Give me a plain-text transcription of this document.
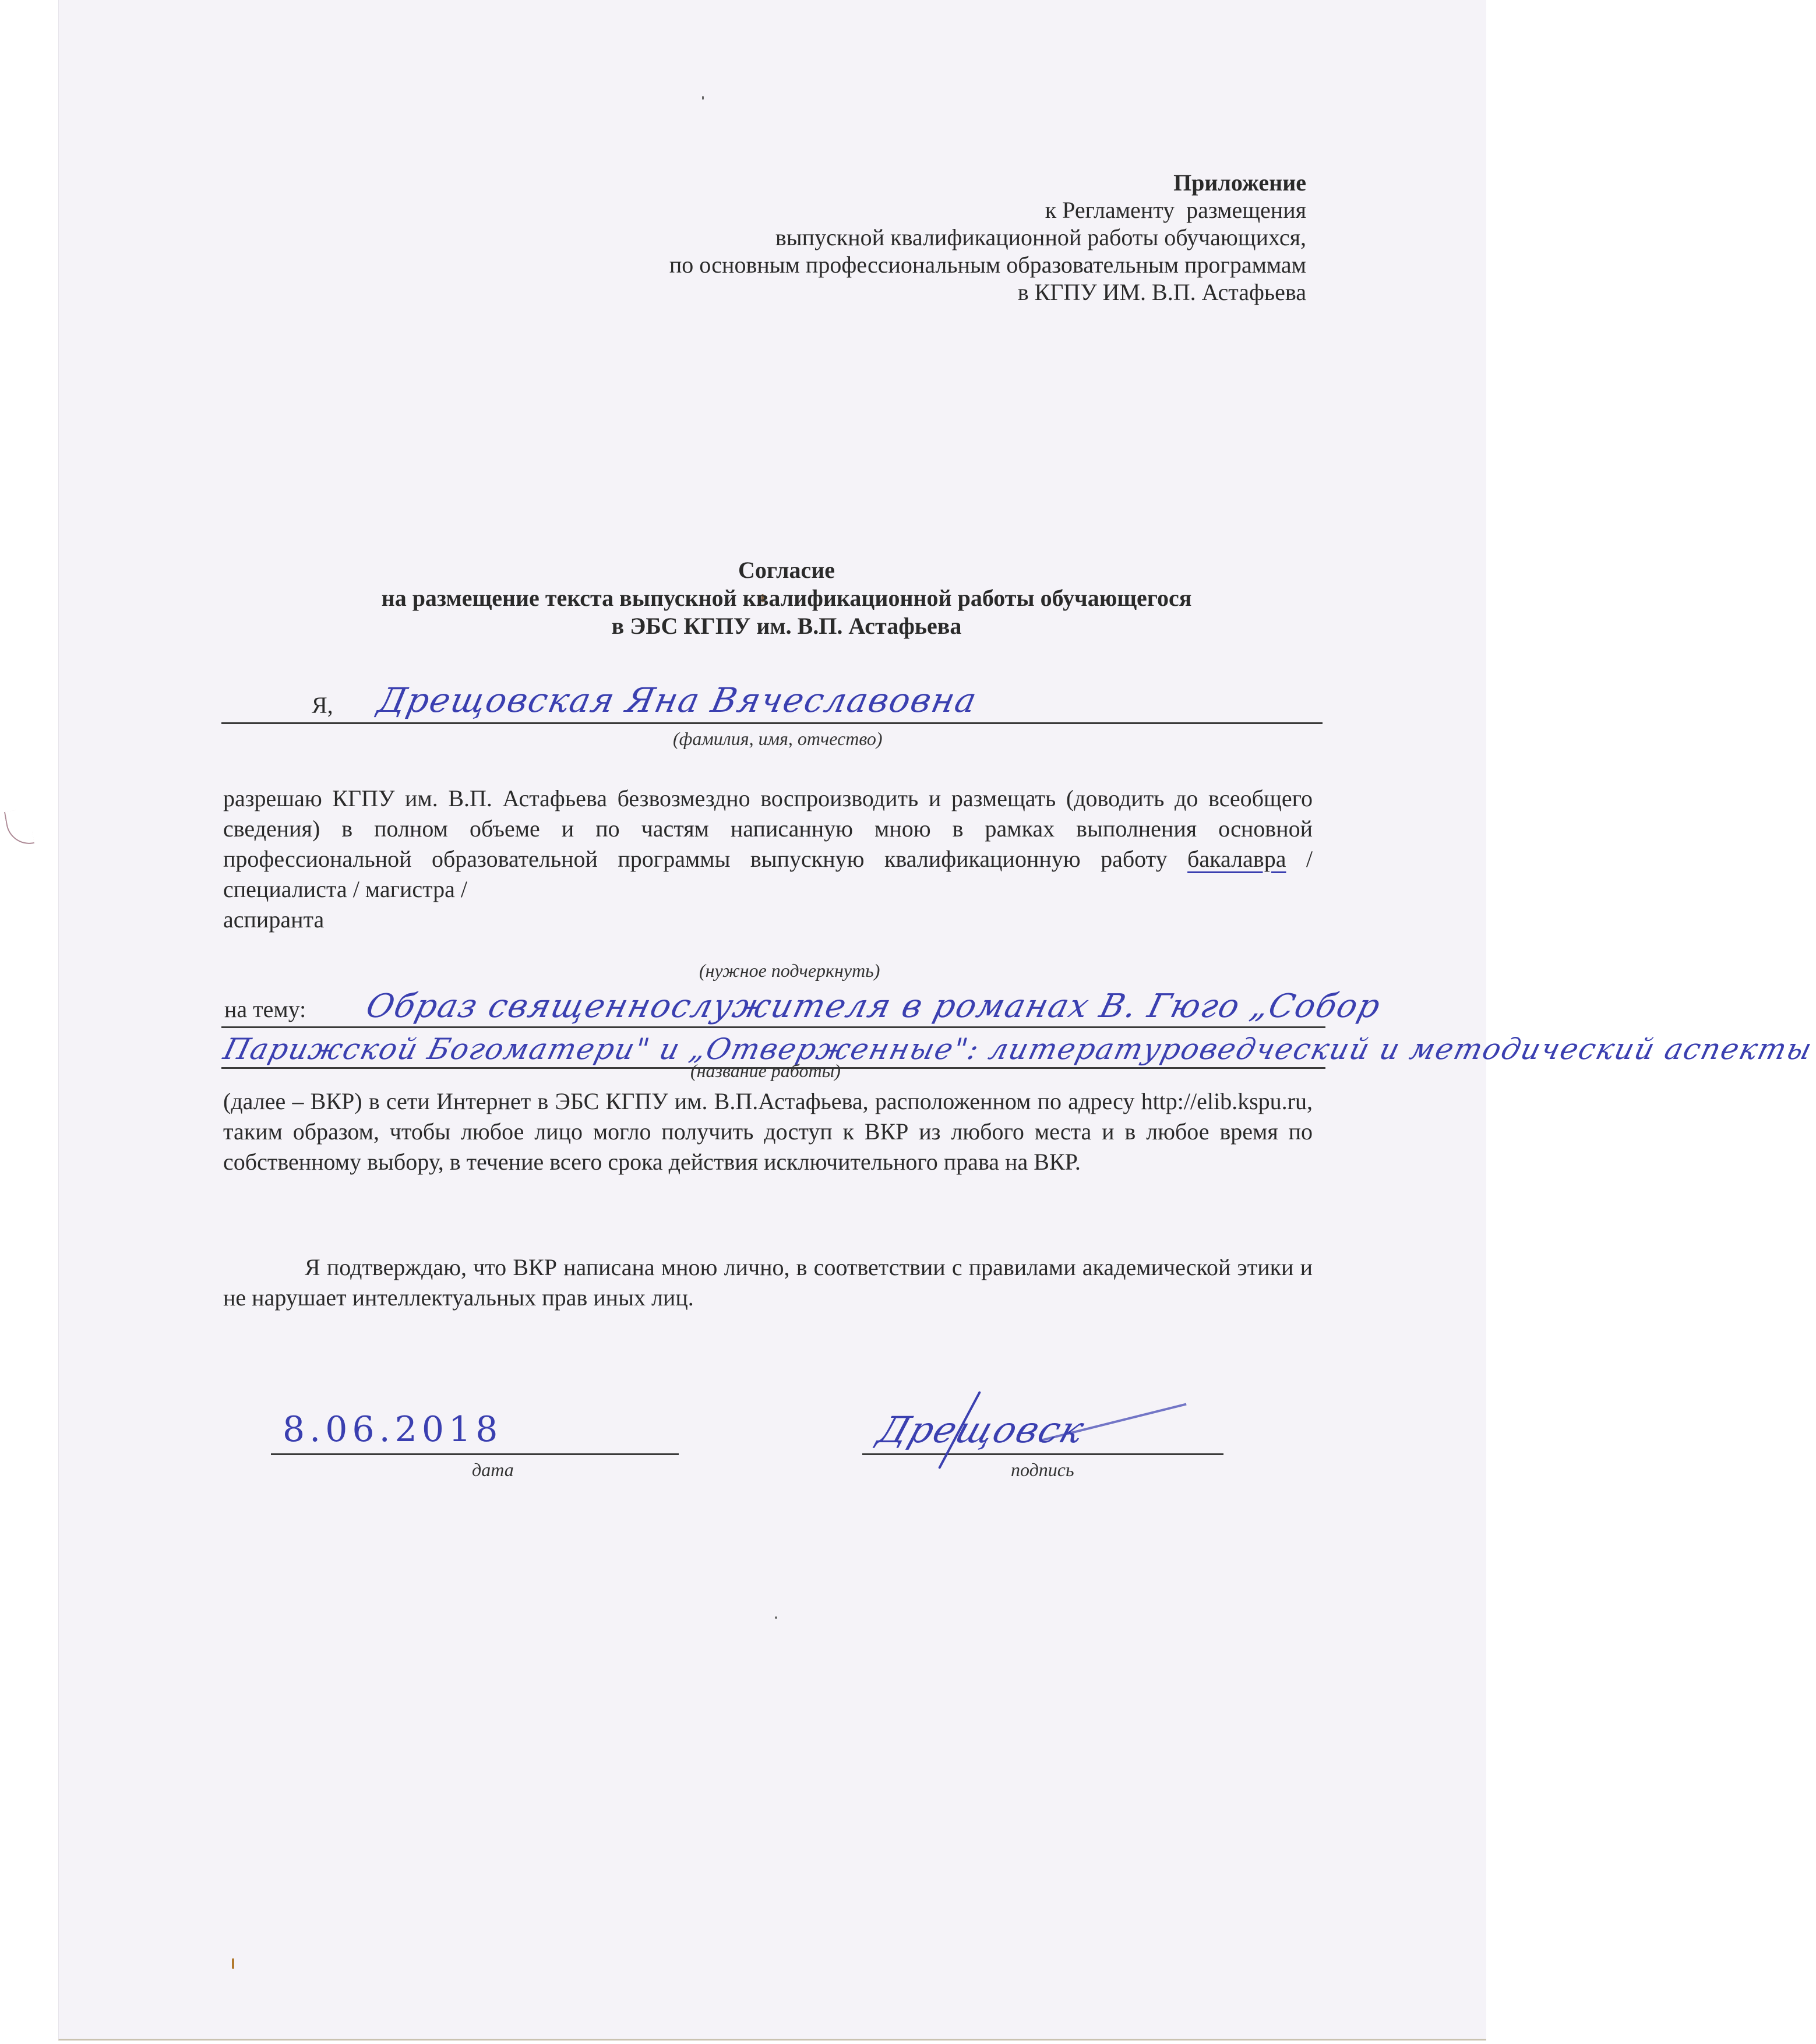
Приложение
к Регламенту  размещения
выпускной квалификационной работы обучающихся,
по основным профессиональным образовательным программам
в КГПУ ИМ. В.П. Астафьева
Согласие
на размещение текста выпускной квалификационной работы обучающегося
в ЭБС КГПУ им. В.П. Астафьева
Я, Дрещовская Яна Вячеславовна
(фамилия, имя, отчество)
разрешаю КГПУ им. В.П. Астафьева безвозмездно воспроизводить и размещать (доводить до всеобщего сведения) в полном объеме и по частям написанную мною в рамках выполнения основной профессиональной образовательной программы выпускную квалификационную работу бакалавра / специалиста / магистра /
аспиранта
(нужное подчеркнуть)
на тему: Образ священнослужителя в романах В. Гюго „Собор
Парижской Богоматери" и „Отверженные": литературоведческий и методический аспекты
(название работы)
(далее – ВКР) в сети Интернет в ЭБС КГПУ им. В.П.Астафьева, расположенном по адресу http://elib.kspu.ru, таким образом, чтобы любое лицо могло получить доступ к ВКР из любого места и в любое время по собственному выбору, в течение всего срока действия исключительного права на ВКР.
Я подтверждаю, что ВКР написана мною лично, в соответствии с правилами академической этики и не нарушает интеллектуальных прав иных лиц.
8.06.2018
дата
Дрещовск
подпись
